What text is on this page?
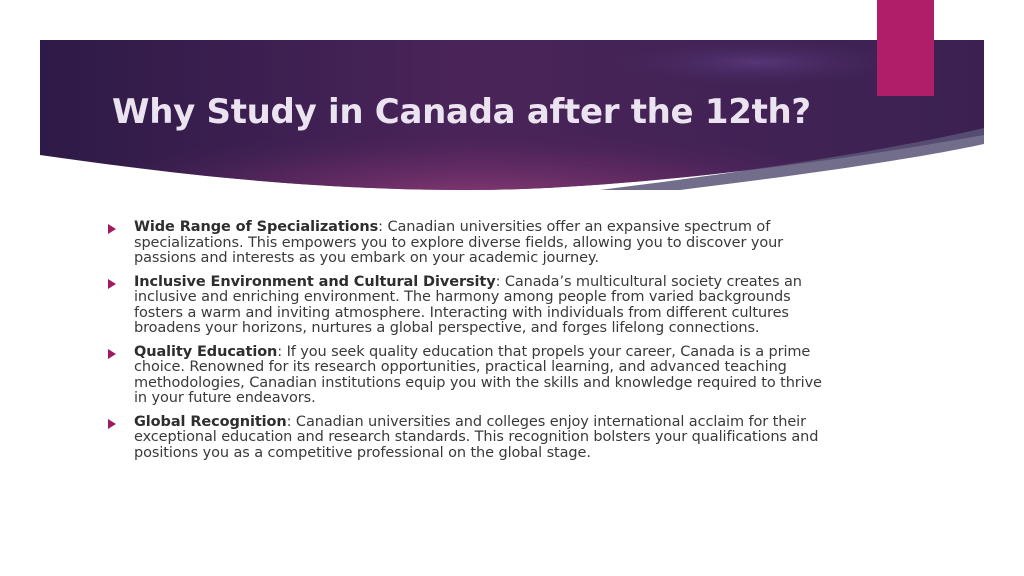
Why Study in Canada after the 12th?

Wide Range of Specializations: Canadian universities offer an expansive spectrum of specializations. This empowers you to explore diverse fields, allowing you to discover your passions and interests as you embark on your academic journey.

Inclusive Environment and Cultural Diversity: Canada’s multicultural society creates an inclusive and enriching environment. The harmony among people from varied backgrounds fosters a warm and inviting atmosphere. Interacting with individuals from different cultures broadens your horizons, nurtures a global perspective, and forges lifelong connections.

Quality Education: If you seek quality education that propels your career, Canada is a prime choice. Renowned for its research opportunities, practical learning, and advanced teaching methodologies, Canadian institutions equip you with the skills and knowledge required to thrive in your future endeavors.

Global Recognition: Canadian universities and colleges enjoy international acclaim for their exceptional education and research standards. This recognition bolsters your qualifications and positions you as a competitive professional on the global stage.
